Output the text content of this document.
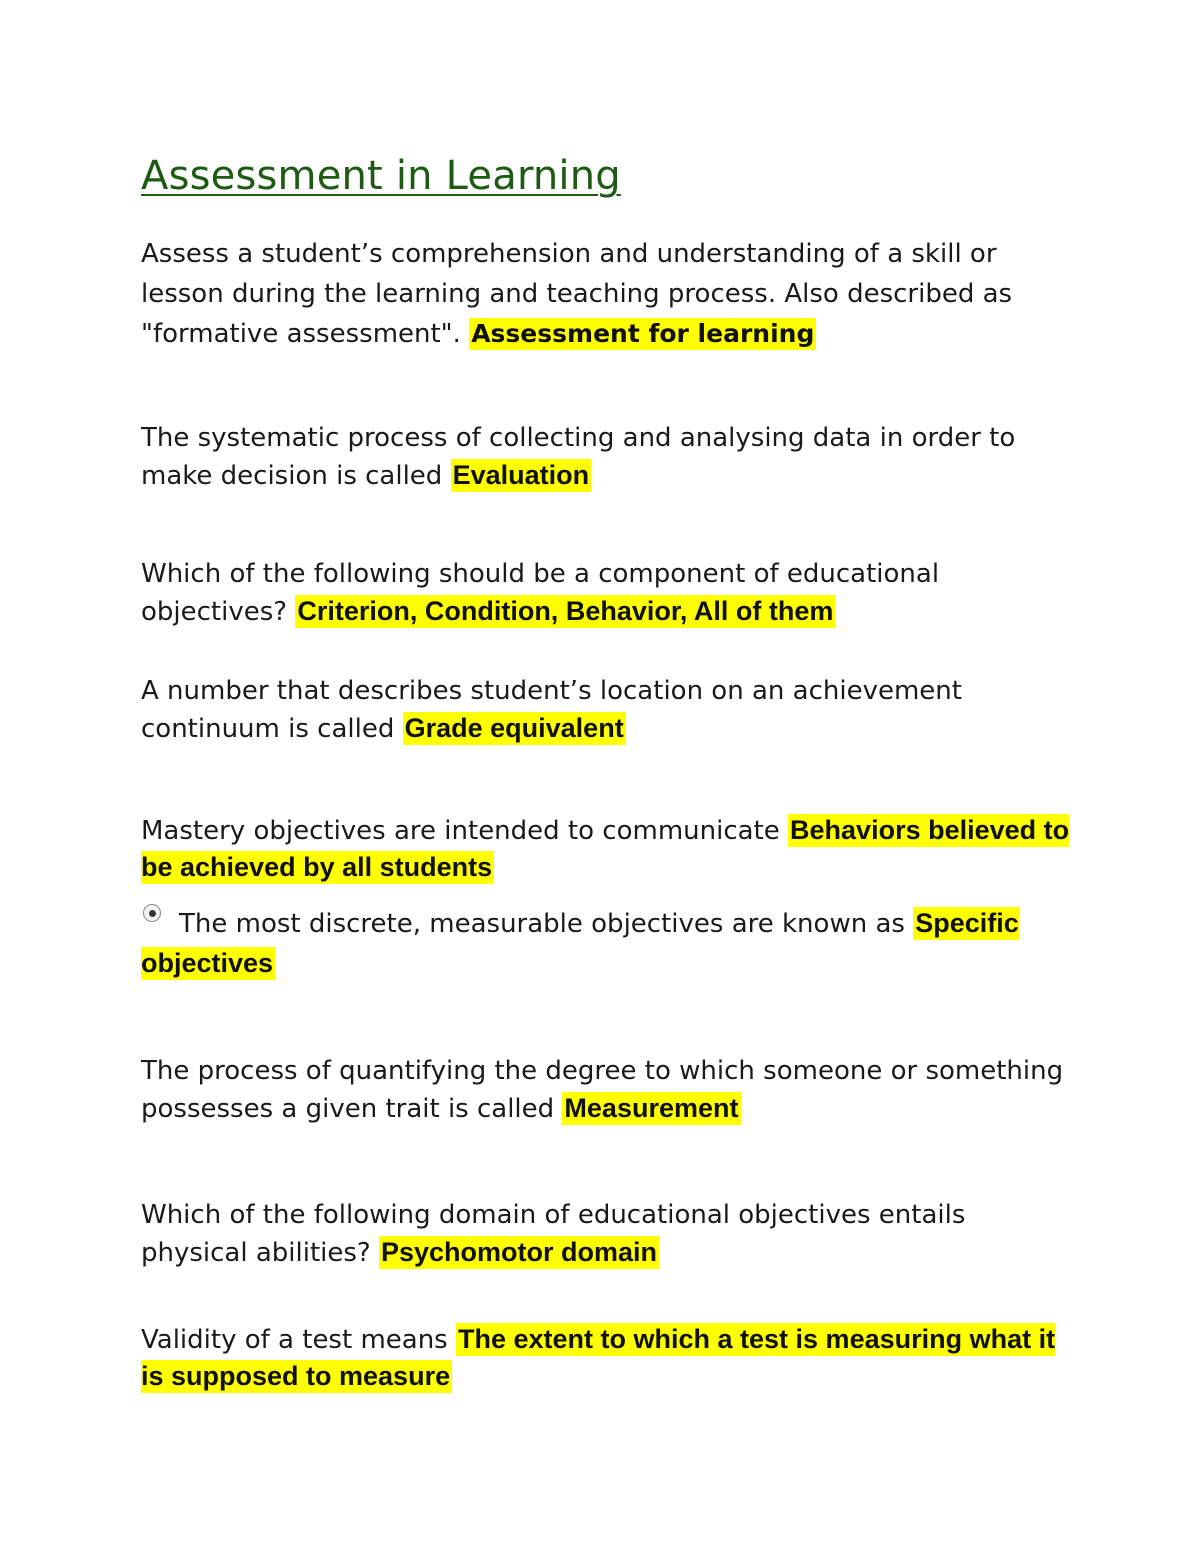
Assessment in Learning

Assess a student’s comprehension and understanding of a skill or lesson during the learning and teaching process. Also described as "formative assessment". Assessment for learning

The systematic process of collecting and analysing data in order to make decision is called Evaluation

Which of the following should be a component of educational objectives? Criterion, Condition, Behavior, All of them

A number that describes student’s location on an achievement continuum is called Grade equivalent

Mastery objectives are intended to communicate Behaviors believed to be achieved by all students

The most discrete, measurable objectives are known as Specific objectives

The process of quantifying the degree to which someone or something possesses a given trait is called Measurement

Which of the following domain of educational objectives entails physical abilities? Psychomotor domain

Validity of a test means The extent to which a test is measuring what it is supposed to measure
